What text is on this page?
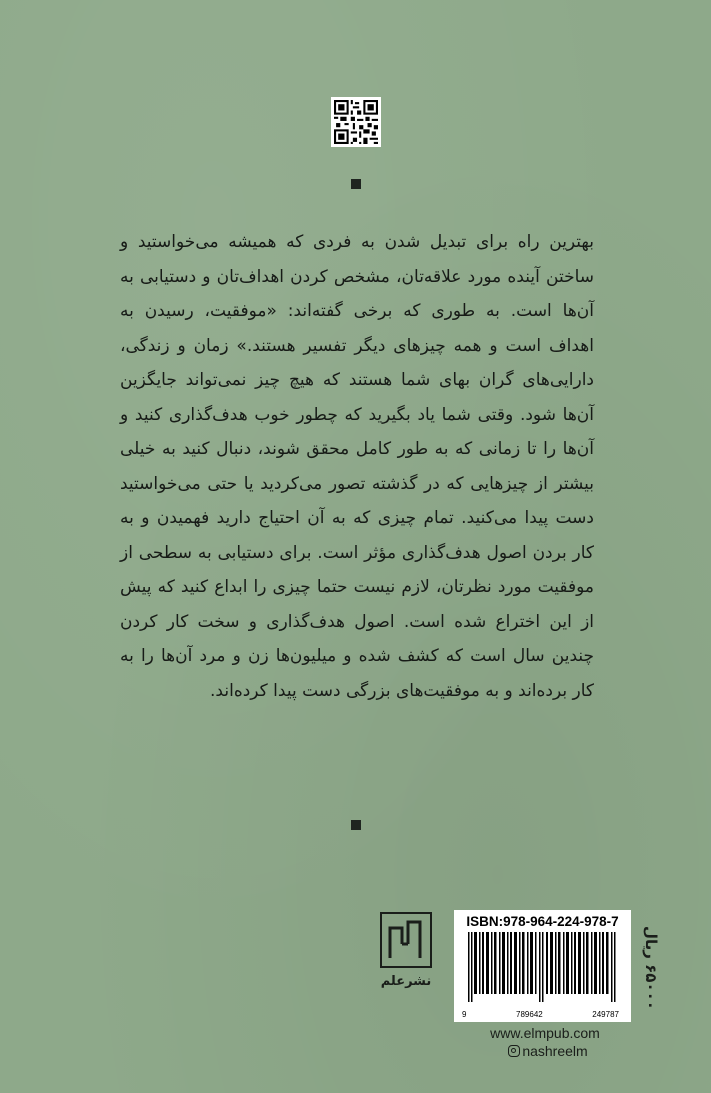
بهترین راه برای تبدیل شدن به فردی که همیشه می‌خواستید و ساختن آینده مورد علاقه‌تان، مشخص کردن اهداف‌تان و دستیابی به آن‌ها است. به طوری که برخی گفته‌اند: «موفقیت، رسیدن به اهداف است و همه چیزهای دیگر تفسیر هستند.» زمان و زندگی، دارایی‌های گران بهای شما هستند که هیچ چیز نمی‌تواند جایگزین آن‌ها شود. وقتی شما یاد بگیرید که چطور خوب هدف‌گذاری کنید و آن‌ها را تا زمانی که به طور کامل محقق شوند، دنبال کنید به خیلی بیشتر از چیزهایی که در گذشته تصور می‌کردید یا حتی می‌خواستید دست پیدا می‌کنید. تمام چیزی که به آن احتیاج دارید فهمیدن و به کار بردن اصول هدف‌گذاری مؤثر است. برای دستیابی به سطحی از موفقیت مورد نظرتان، لازم نیست حتما چیزی را ابداع کنید که پیش از این اختراع شده است. اصول هدف‌گذاری و سخت کار کردن چندین سال است که کشف شده و میلیون‌ها زن و مرد آن‌ها را به کار برده‌اند و به موفقیت‌های بزرگی دست پیدا کرده‌اند.

نشرعلم
ISBN:978-964-224-978-7
9	789642	249787
۶۵۰۰۰ ریال
www.elmpub.com
nashreelm
